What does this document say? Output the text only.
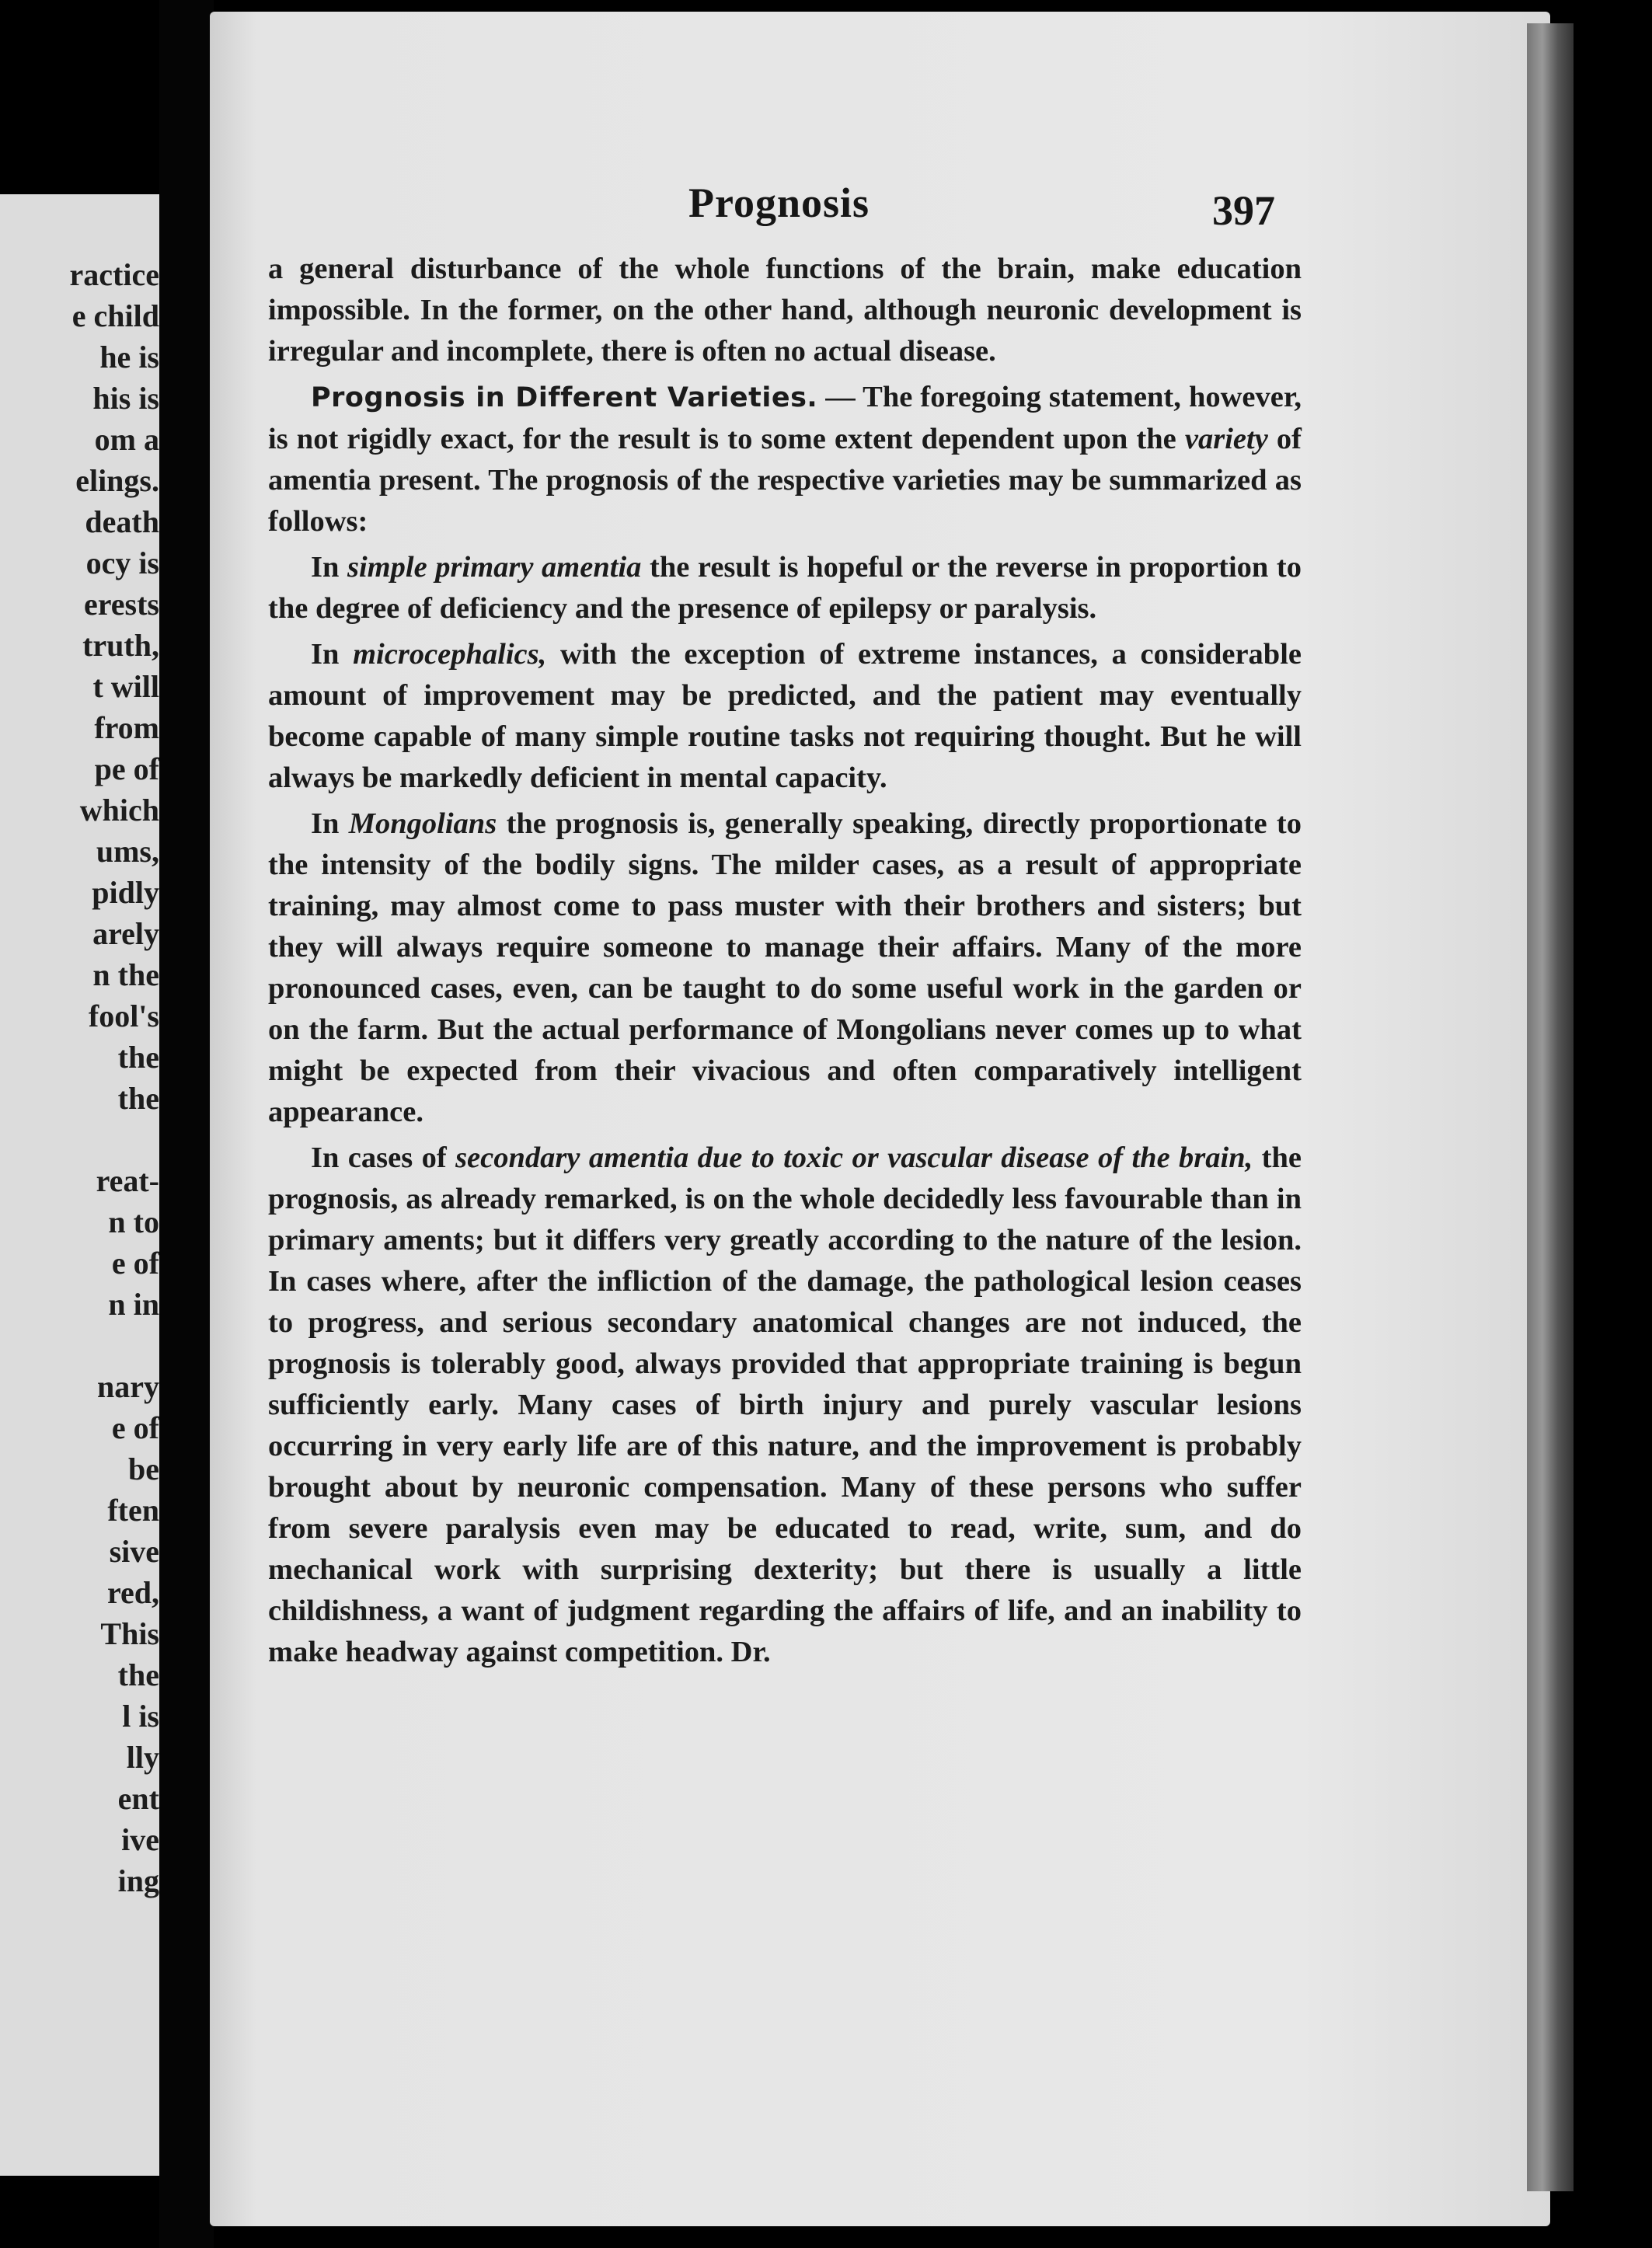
ractice
e child
he is
his is
om a
elings.
death
ocy is
erests
truth,
t will
from
pe of
which
ums,
pidly
arely
n the
fool's
the
the
reat-
n to
e of
n in
nary
e of
be
ften
sive
red,
This
the
l is
lly
ent
ive
ing
Prognosis	397

a general disturbance of the whole functions of the brain, make education impossible. In the former, on the other hand, although neuronic development is irregular and incomplete, there is often no actual disease.

Prognosis in Different Varieties. — The foregoing statement, however, is not rigidly exact, for the result is to some extent dependent upon the variety of amentia present. The prognosis of the respective varieties may be summarized as follows:

In simple primary amentia the result is hopeful or the reverse in proportion to the degree of deficiency and the presence of epilepsy or paralysis.

In microcephalics, with the exception of extreme instances, a considerable amount of improvement may be predicted, and the patient may eventually become capable of many simple routine tasks not requiring thought. But he will always be markedly deficient in mental capacity.

In Mongolians the prognosis is, generally speaking, directly proportionate to the intensity of the bodily signs. The milder cases, as a result of appropriate training, may almost come to pass muster with their brothers and sisters; but they will always require someone to manage their affairs. Many of the more pronounced cases, even, can be taught to do some useful work in the garden or on the farm. But the actual performance of Mongolians never comes up to what might be expected from their vivacious and often comparatively intelligent appearance.

In cases of secondary amentia due to toxic or vascular disease of the brain, the prognosis, as already remarked, is on the whole decidedly less favourable than in primary aments; but it differs very greatly according to the nature of the lesion. In cases where, after the infliction of the damage, the pathological lesion ceases to progress, and serious secondary anatomical changes are not induced, the prognosis is tolerably good, always provided that appropriate training is begun sufficiently early. Many cases of birth injury and purely vascular lesions occurring in very early life are of this nature, and the improvement is probably brought about by neuronic compensation. Many of these persons who suffer from severe paralysis even may be educated to read, write, sum, and do mechanical work with surprising dexterity; but there is usually a little childishness, a want of judgment regarding the affairs of life, and an inability to make headway against competition. Dr.
